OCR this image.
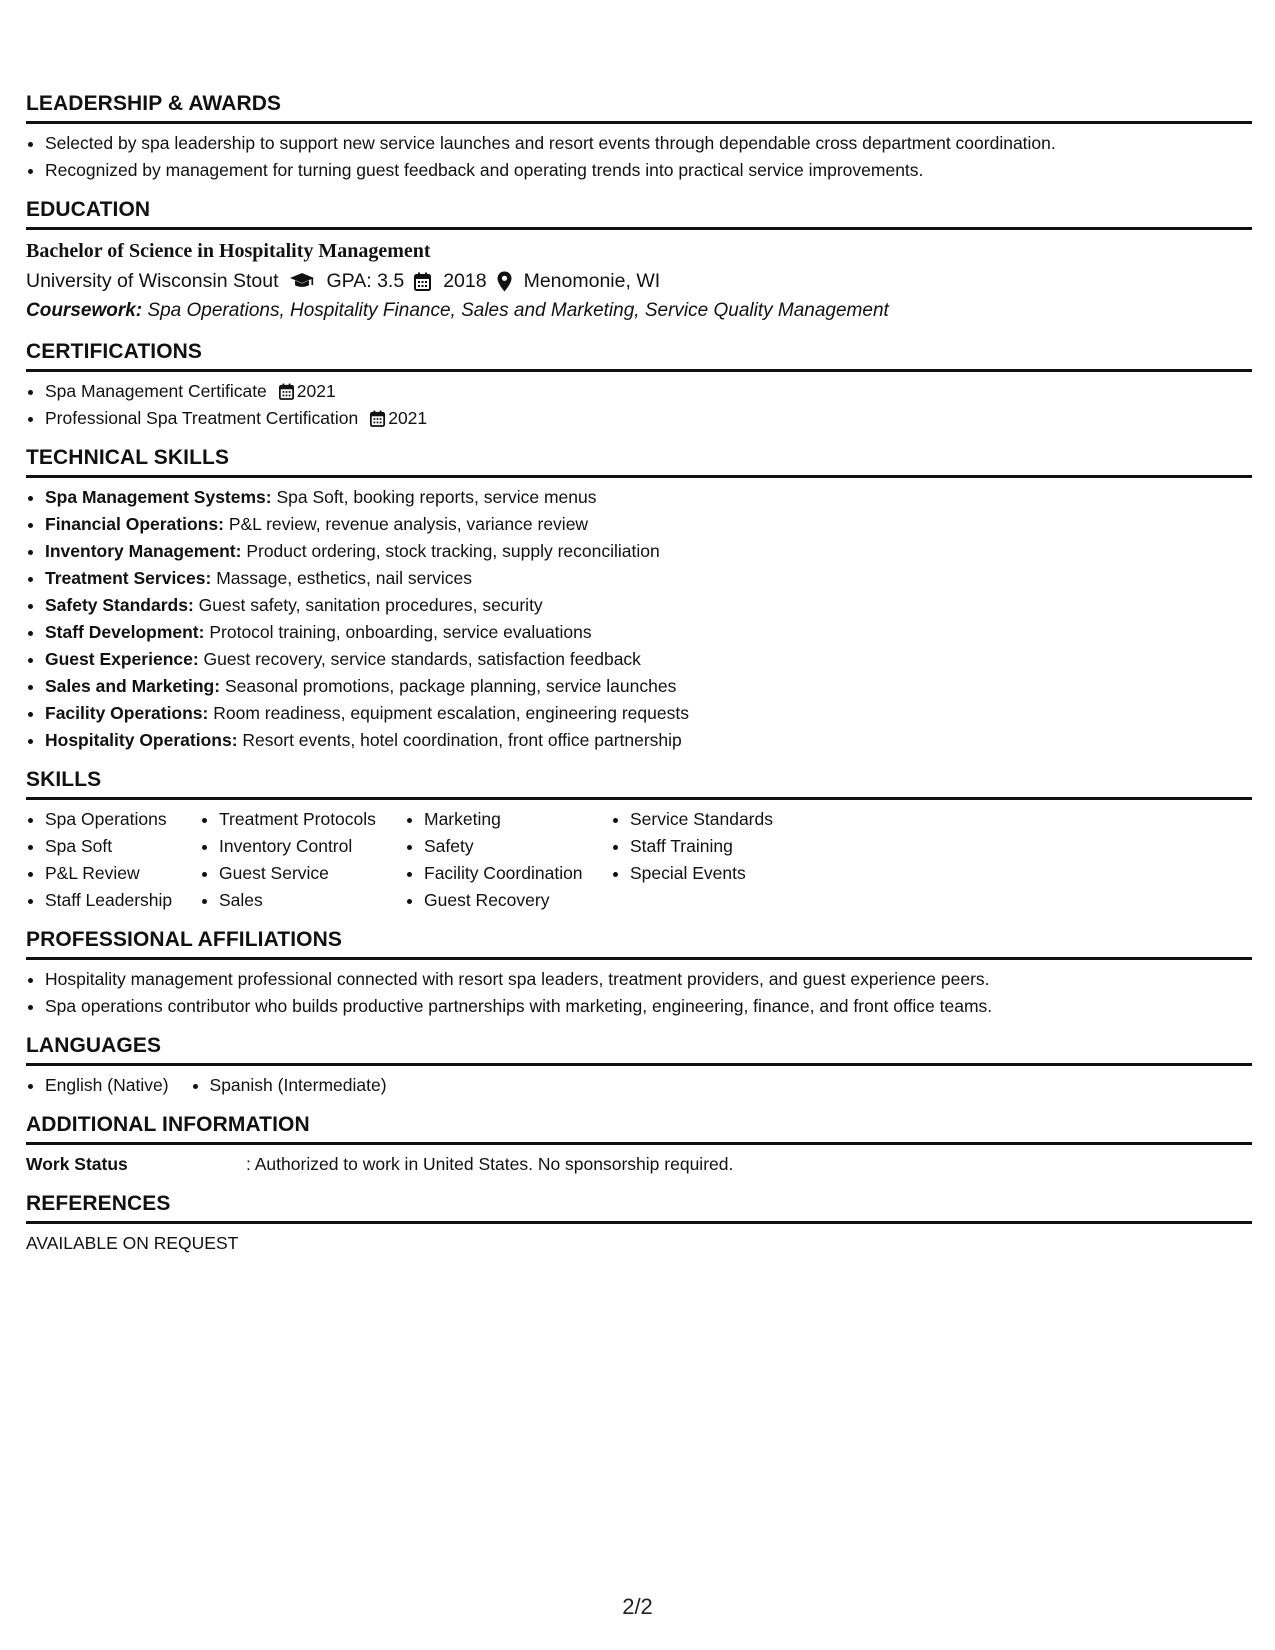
LEADERSHIP & AWARDS
• Selected by spa leadership to support new service launches and resort events through dependable cross department coordination.
• Recognized by management for turning guest feedback and operating trends into practical service improvements.
EDUCATION
Bachelor of Science in Hospitality Management
University of Wisconsin Stout GPA: 3.5 2018 Menomonie, WI
Coursework: Spa Operations, Hospitality Finance, Sales and Marketing, Service Quality Management
CERTIFICATIONS
• Spa Management Certificate 2021
• Professional Spa Treatment Certification 2021
TECHNICAL SKILLS
• Spa Management Systems: Spa Soft, booking reports, service menus
• Financial Operations: P&L review, revenue analysis, variance review
• Inventory Management: Product ordering, stock tracking, supply reconciliation
• Treatment Services: Massage, esthetics, nail services
• Safety Standards: Guest safety, sanitation procedures, security
• Staff Development: Protocol training, onboarding, service evaluations
• Guest Experience: Guest recovery, service standards, satisfaction feedback
• Sales and Marketing: Seasonal promotions, package planning, service launches
• Facility Operations: Room readiness, equipment escalation, engineering requests
• Hospitality Operations: Resort events, hotel coordination, front office partnership
SKILLS
• Spa Operations
• Spa Soft
• P&L Review
• Staff Leadership
• Treatment Protocols
• Inventory Control
• Guest Service
• Sales
• Marketing
• Safety
• Facility Coordination
• Guest Recovery
• Service Standards
• Staff Training
• Special Events
PROFESSIONAL AFFILIATIONS
• Hospitality management professional connected with resort spa leaders, treatment providers, and guest experience peers.
• Spa operations contributor who builds productive partnerships with marketing, engineering, finance, and front office teams.
LANGUAGES
• English (Native)
• Spanish (Intermediate)
ADDITIONAL INFORMATION
Work Status	: Authorized to work in United States. No sponsorship required.
REFERENCES
AVAILABLE ON REQUEST
2/2
